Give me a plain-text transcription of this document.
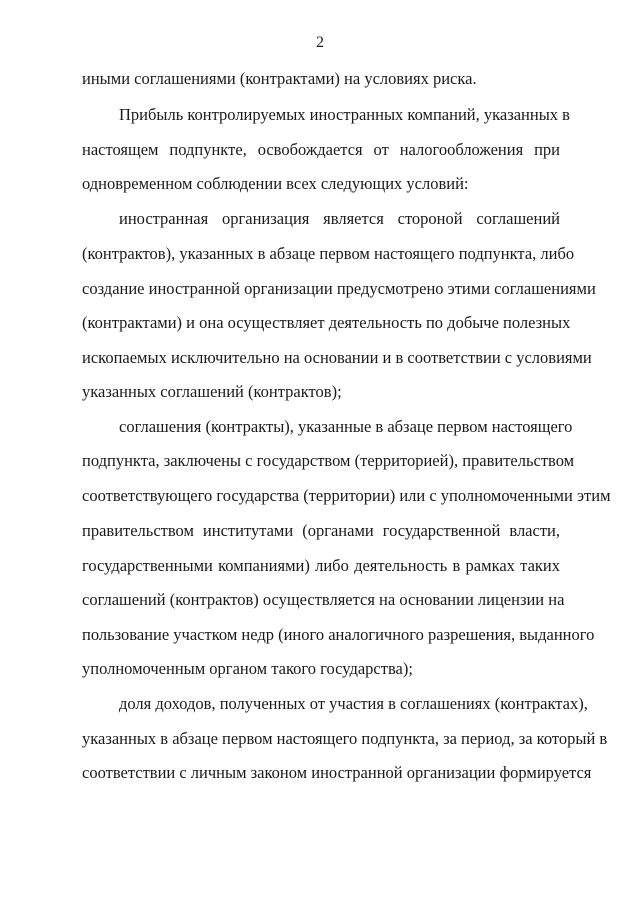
2
иными соглашениями (контрактами) на условиях риска.
Прибыль контролируемых иностранных компаний, указанных в
настоящем подпункте, освобождается от налогообложения при
одновременном соблюдении всех следующих условий:
иностранная организация является стороной соглашений
(контрактов), указанных в абзаце первом настоящего подпункта, либо
создание иностранной организации предусмотрено этими соглашениями
(контрактами) и она осуществляет деятельность по добыче полезных
ископаемых исключительно на основании и в соответствии с условиями
указанных соглашений (контрактов);
соглашения (контракты), указанные в абзаце первом настоящего
подпункта, заключены с государством (территорией), правительством
соответствующего государства (территории) или с уполномоченными этим
правительством институтами (органами государственной власти,
государственными компаниями) либо деятельность в рамках таких
соглашений (контрактов) осуществляется на основании лицензии на
пользование участком недр (иного аналогичного разрешения, выданного
уполномоченным органом такого государства);
доля доходов, полученных от участия в соглашениях (контрактах),
указанных в абзаце первом настоящего подпункта, за период, за который в
соответствии с личным законом иностранной организации формируется
